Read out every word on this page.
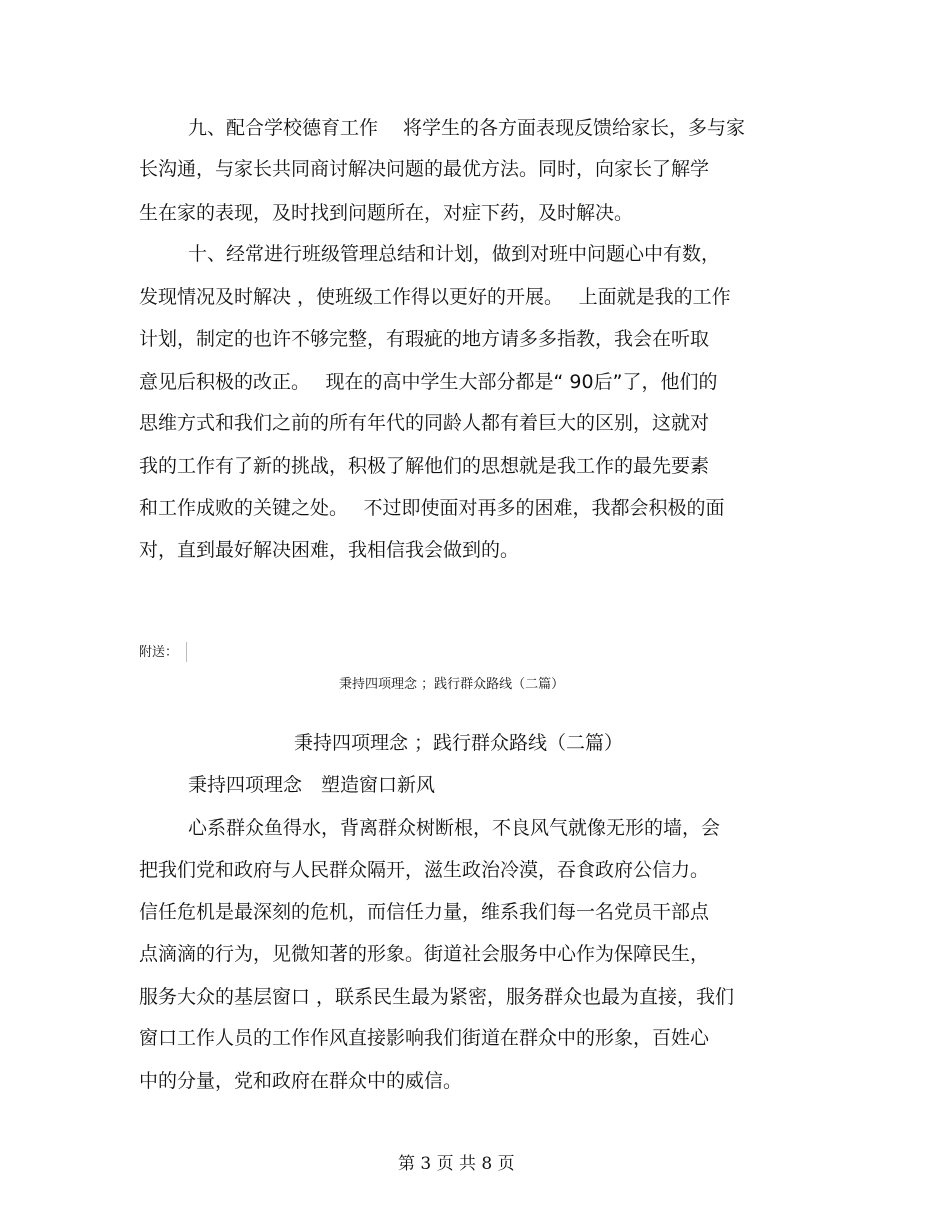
九、配合学校德育工作　 将学生的各方面表现反馈给家长，多与家

长沟通，与家长共同商讨解决问题的最优方法。同时，向家长了解学

生在家的表现，及时找到问题所在，对症下药，及时解决。

十、经常进行班级管理总结和计划，做到对班中问题心中有数，

发现情况及时解决 ，使班级工作得以更好的开展。　 上面就是我的工作

计划，制定的也许不够完整，有瑕疵的地方请多多指教，我会在听取

意见后积极的改正。　 现在的高中学生大部分都是“ 90后”了，他们的

思维方式和我们之前的所有年代的同龄人都有着巨大的区别，这就对

我的工作有了新的挑战，积极了解他们的思想就是我工作的最先要素

和工作成败的关键之处。　 不过即使面对再多的困难，我都会积极的面

对，直到最好解决困难，我相信我会做到的。

附送：

秉持四项理念 ；践行群众路线（二篇）

秉持四项理念 ；践行群众路线（二篇）

秉持四项理念　塑造窗口新风

心系群众鱼得水，背离群众树断根，不良风气就像无形的墙，会

把我们党和政府与人民群众隔开，滋生政治冷漠，吞食政府公信力。

信任危机是最深刻的危机，而信任力量，维系我们每一名党员干部点

点滴滴的行为，见微知著的形象。街道社会服务中心作为保障民生，

服务大众的基层窗口 ，联系民生最为紧密，服务群众也最为直接，我们

窗口工作人员的工作作风直接影响我们街道在群众中的形象，百姓心

中的分量，党和政府在群众中的威信。

第 3 页 共 8 页
